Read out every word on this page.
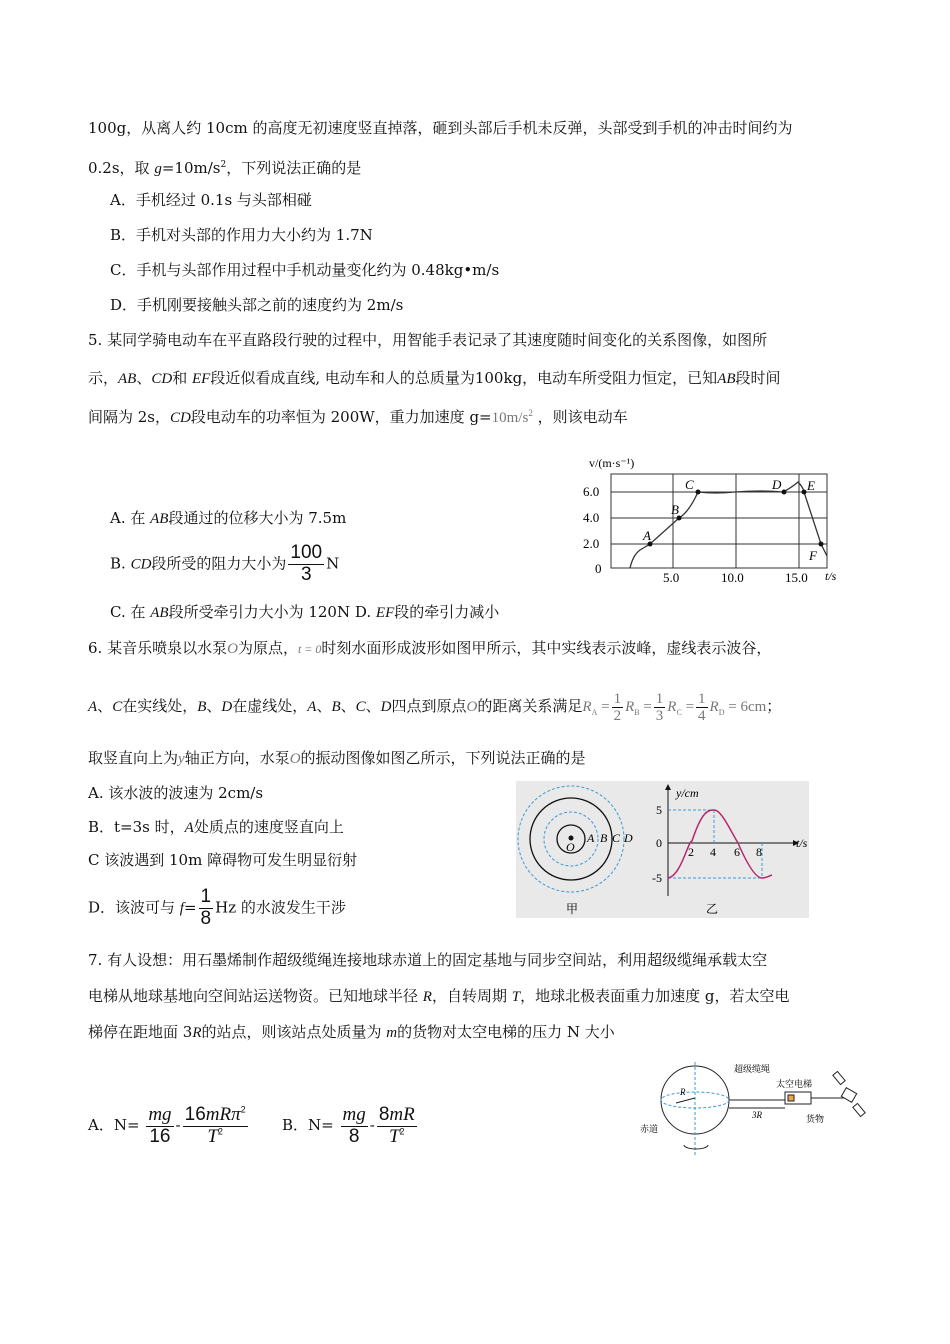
100g，从离人约 10cm 的高度无初速度竖直掉落，砸到头部后手机未反弹，头部受到手机的冲击时间约为
0.2s，取 $g=10m/s^2$，下列说法正确的是
A．手机经过 0.1s 与头部相碰
B．手机对头部的作用力大小约为 1.7N
C．手机与头部作用过程中手机动量变化约为 0.48kg•m/s
D．手机刚要接触头部之前的速度约为 2m/s
5. 某同学骑电动车在平直路段行驶的过程中，用智能手表记录了其速度随时间变化的关系图像，如图所
示，AB、CD和 EF段近似看成直线, 电动车和人的总质量为100kg，电动车所受阻力恒定，已知AB段时间
间隔为 2s，CD段电动车的功率恒为 200W，重力加速度 $g=10m/s^2$ ，则该电动车
A
B
C	D E
F
v/(m·s⁻¹)
t/s
6.0
4.0
2.0
0
5.0	10.0	15.0
A. 在 AB段通过的位移大小为 7.5m
B. CD段所受的阻力大小为 $\frac{100}{3}$ N
C. 在 AB段所受牵引力大小为 120N D. EF段的牵引力减小
6. 某音乐喷泉以水泵O为原点，t = 0时刻水面形成波形如图甲所示，其中实线表示波峰，虚线表示波谷，
A、C在实线处，B、D在虚线处，A、B、C、D四点到原点O的距离关系满足$R_A = \frac{1}{2} R_B = \frac{1}{3} R_C = \frac{1}{4} R_D = 6cm$；
取竖直向上为y轴正方向，水泵O的振动图像如图乙所示，下列说法正确的是
A. 该水波的波速为 2cm/s
B．t=3s 时，A处质点的速度竖直向上
C 该波遇到 10m 障碍物可发生明显衍射
D．该波可与 $f= \frac{1}{8}$ Hz 的水波发生干涉
O
A B C D
甲	乙
y/cm
t/s
5
0
-5
2 4 6 8
7. 有人设想：用石墨烯制作超级缆绳连接地球赤道上的固定基地与同步空间站，利用超级缆绳承载太空
电梯从地球基地向空间站运送物资。已知地球半径 R，自转周期 T，地球北极表面重力加速度 g，若太空电
梯停在距地面 3R的站点，则该站点处质量为 m的货物对太空电梯的压力 N 大小
A．$N= \frac{mg}{16} - \frac{16mR\pi^2}{T^2}$ B．$N= \frac{mg}{8} - \frac{8mR}{T^2}$
超级缆绳
太空电梯
货物
赤道
R
3R
